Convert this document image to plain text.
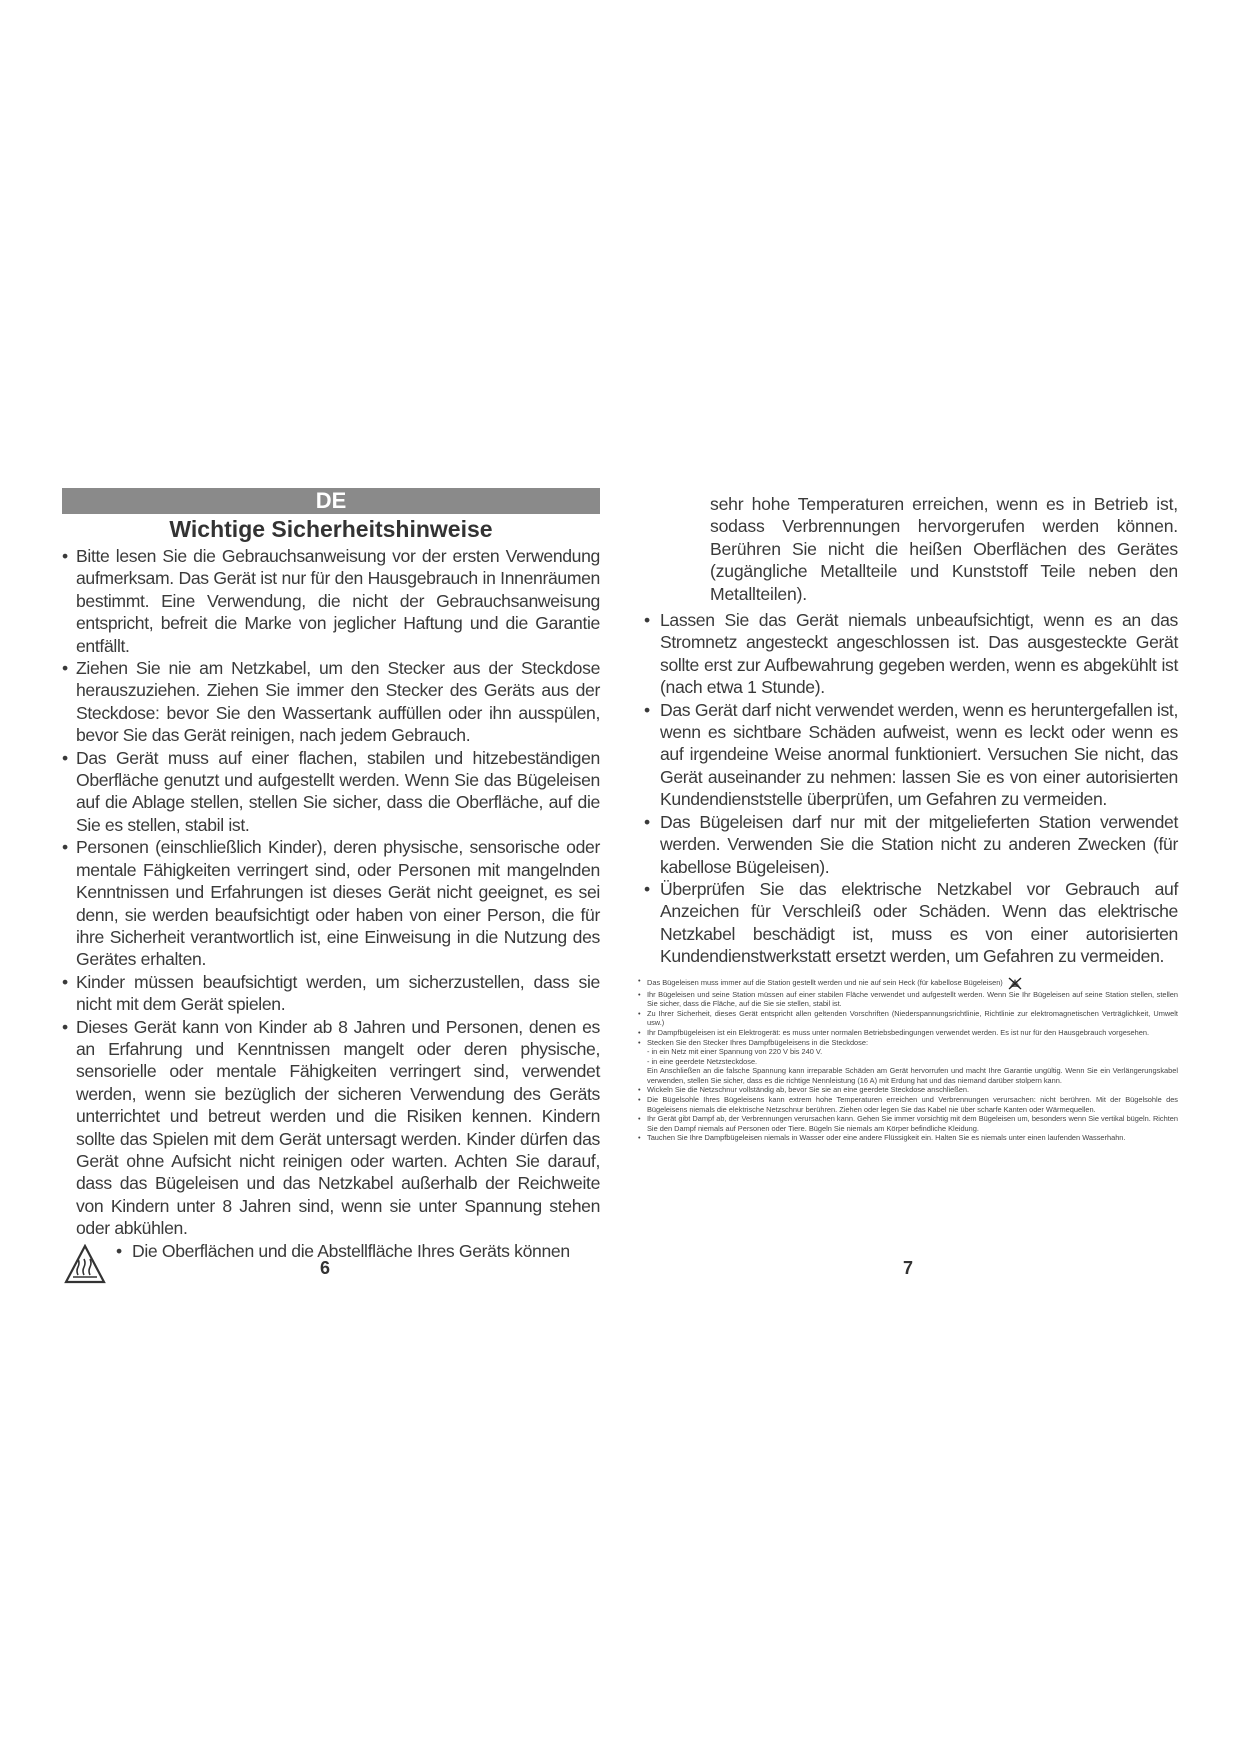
DE
Wichtige Sicherheitshinweise
• Bitte lesen Sie die Gebrauchsanweisung vor der ersten Verwendung aufmerksam. Das Gerät ist nur für den Hausgebrauch in Innenräumen bestimmt. Eine Verwendung, die nicht der Gebrauchsanweisung entspricht, befreit die Marke von jeglicher Haftung und die Garantie entfällt.
• Ziehen Sie nie am Netzkabel, um den Stecker aus der Steckdose herauszuziehen. Ziehen Sie immer den Stecker des Geräts aus der Steckdose: bevor Sie den Wassertank auffüllen oder ihn ausspülen, bevor Sie das Gerät reinigen, nach jedem Gebrauch.
• Das Gerät muss auf einer flachen, stabilen und hitzebeständigen Oberfläche genutzt und aufgestellt werden. Wenn Sie das Bügeleisen auf die Ablage stellen, stellen Sie sicher, dass die Oberfläche, auf die Sie es stellen, stabil ist.
• Personen (einschließlich Kinder), deren physische, sensorische oder mentale Fähigkeiten verringert sind, oder Personen mit mangelnden Kenntnissen und Erfahrungen ist dieses Gerät nicht geeignet, es sei denn, sie werden beaufsichtigt oder haben von einer Person, die für ihre Sicherheit verantwortlich ist, eine Einweisung in die Nutzung des Gerätes erhalten.
• Kinder müssen beaufsichtigt werden, um sicherzustellen, dass sie nicht mit dem Gerät spielen.
• Dieses Gerät kann von Kinder ab 8 Jahren und Personen, denen es an Erfahrung und Kenntnissen mangelt oder deren physische, sensorielle oder mentale Fähigkeiten verringert sind, verwendet werden, wenn sie bezüglich der sicheren Verwendung des Geräts unterrichtet und betreut werden und die Risiken kennen. Kindern sollte das Spielen mit dem Gerät untersagt werden. Kinder dürfen das Gerät ohne Aufsicht nicht reinigen oder warten. Achten Sie darauf, dass das Bügeleisen und das Netzkabel außerhalb der Reichweite von Kindern unter 8 Jahren sind, wenn sie unter Spannung stehen oder abkühlen.
• Die Oberflächen und die Abstellfläche Ihres Geräts können
6

sehr hohe Temperaturen erreichen, wenn es in Betrieb ist, sodass Verbrennungen hervorgerufen werden können. Berühren Sie nicht die heißen Oberflächen des Gerätes (zugängliche Metallteile und Kunststoff Teile neben den Metallteilen).

• Lassen Sie das Gerät niemals unbeaufsichtigt, wenn es an das Stromnetz angesteckt angeschlossen ist. Das ausgesteckte Gerät sollte erst zur Aufbewahrung gegeben werden, wenn es abgekühlt ist (nach etwa 1 Stunde).
• Das Gerät darf nicht verwendet werden, wenn es heruntergefallen ist, wenn es sichtbare Schäden aufweist, wenn es leckt oder wenn es auf irgendeine Weise anormal funktioniert. Versuchen Sie nicht, das Gerät auseinander zu nehmen: lassen Sie es von einer autorisierten Kundendienststelle überprüfen, um Gefahren zu vermeiden.
• Das Bügeleisen darf nur mit der mitgelieferten Station verwendet werden. Verwenden Sie die Station nicht zu anderen Zwecken (für kabellose Bügeleisen).
• Überprüfen Sie das elektrische Netzkabel vor Gebrauch auf Anzeichen für Verschleiß oder Schäden. Wenn das elektrische Netzkabel beschädigt ist, muss es von einer autorisierten Kundendienstwerkstatt ersetzt werden, um Gefahren zu vermeiden.
• Das Bügeleisen muss immer auf die Station gestellt werden und nie auf sein Heck (für kabellose Bügeleisen)
• Ihr Bügeleisen und seine Station müssen auf einer stabilen Fläche verwendet und aufgestellt werden. Wenn Sie Ihr Bügeleisen auf seine Station stellen, stellen Sie sicher, dass die Fläche, auf die Sie sie stellen, stabil ist.
• Zu Ihrer Sicherheit, dieses Gerät entspricht allen geltenden Vorschriften (Niederspannungsrichtlinie, Richtlinie zur elektromagnetischen Verträglichkeit, Umwelt usw.)
• Ihr Dampfbügeleisen ist ein Elektrogerät: es muss unter normalen Betriebsbedingungen verwendet werden. Es ist nur für den Hausgebrauch vorgesehen.
• Stecken Sie den Stecker Ihres Dampfbügeleisens in die Steckdose:
- in ein Netz mit einer Spannung von 220 V bis 240 V.
- in eine geerdete Netzsteckdose.
Ein Anschließen an die falsche Spannung kann irreparable Schäden am Gerät hervorrufen und macht Ihre Garantie ungültig. Wenn Sie ein Verlängerungskabel verwenden, stellen Sie sicher, dass es die richtige Nennleistung (16 A) mit Erdung hat und das niemand darüber stolpern kann.
• Wickeln Sie die Netzschnur vollständig ab, bevor Sie sie an eine geerdete Steckdose anschließen.
• Die Bügelsohle Ihres Bügeleisens kann extrem hohe Temperaturen erreichen und Verbrennungen verursachen: nicht berühren. Mit der Bügelsohle des Bügeleisens niemals die elektrische Netzschnur berühren. Ziehen oder legen Sie das Kabel nie über scharfe Kanten oder Wärmequellen.
• Ihr Gerät gibt Dampf ab, der Verbrennungen verursachen kann. Gehen Sie immer vorsichtig mit dem Bügeleisen um, besonders wenn Sie vertikal bügeln. Richten Sie den Dampf niemals auf Personen oder Tiere. Bügeln Sie niemals am Körper befindliche Kleidung.
• Tauchen Sie Ihre Dampfbügeleisen niemals in Wasser oder eine andere Flüssigkeit ein. Halten Sie es niemals unter einen laufenden Wasserhahn.
7
